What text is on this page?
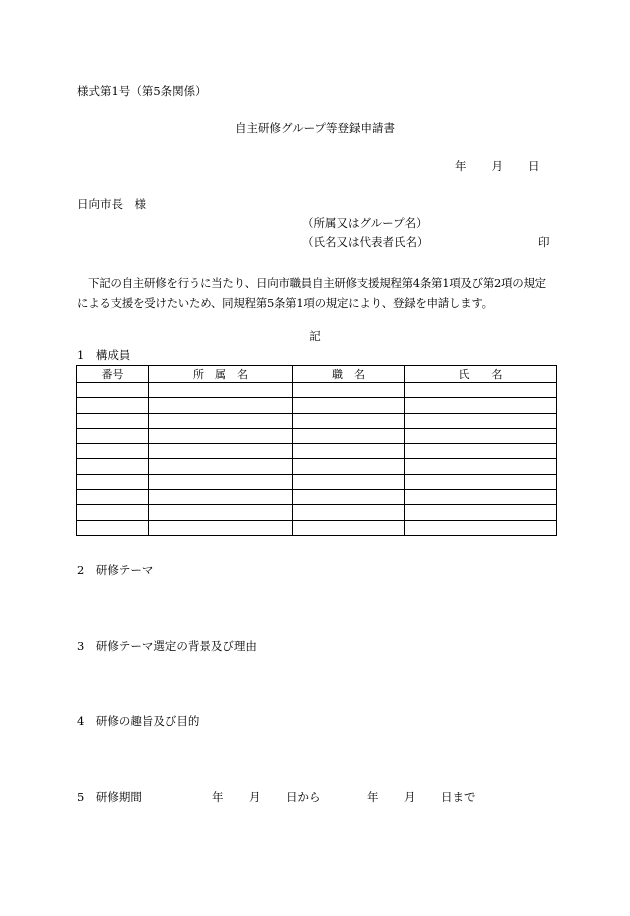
様式第1号（第5条関係）
自主研修グループ等登録申請書
年 月 日
日向市長　様
（所属又はグループ名）
（氏名又は代表者氏名）	印
下記の自主研修を行うに当たり、日向市職員自主研修支援規程第4条第1項及び第2項の規定による支援を受けたいため、同規程第5条第1項の規定により、登録を申請します。
記
1　構成員
番号	所　属　名	職　名	氏　　名

2　研修テーマ
3　研修テーマ選定の背景及び理由
4　研修の趣旨及び目的
5　研修期間	年 月 日から	年 月 日まで
